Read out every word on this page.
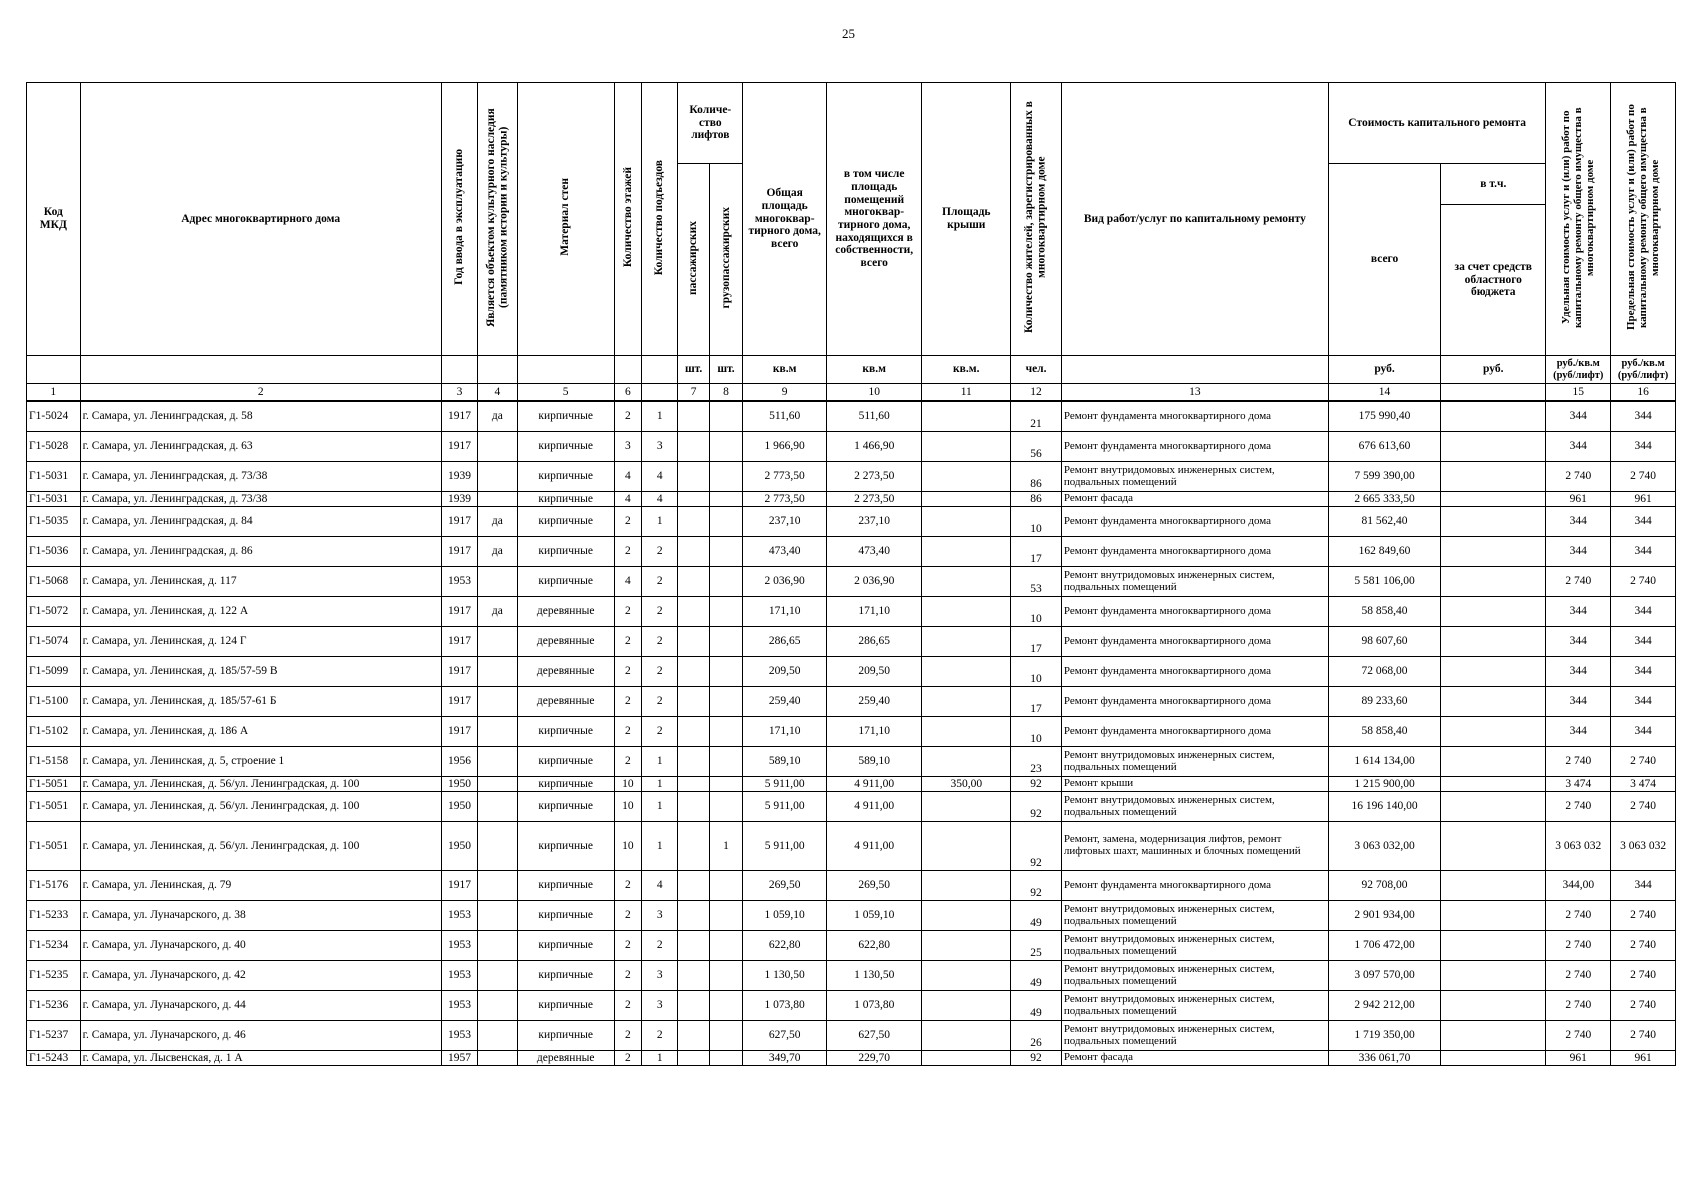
25
Код МКД	Адрес многоквартирного дома	Год ввода в эксплуатацию	Является объектом культурного наследия (памятником истории и культуры)	Материал стен	Количество этажей	Количество подъездов	Количе-ство лифтов		Общая площадь многоквар-тирного дома, всего	в том числе площадь помещений многоквар-тирного дома, находящихся в собственности, всего	Площадь крыши	Количество жителей, зарегистрированных в многоквартирном доме	Вид работ/услуг по капитальному ремонту	Стоимость капитального ремонта		Удельная стоимость услуг и (или) работ по капитальному ремонту общего имущества в многоквартирном доме	Предельная стоимость услуг и (или) работ по капитальному ремонту общего имущества в многоквартирном доме
							пассажирских	грузопассажирских						всего	в т.ч.		
															за счет средств областного бюджета		
							шт.	шт.	кв.м	кв.м	кв.м.	чел.		руб.	руб.	руб./кв.м (руб/лифт)	руб./кв.м (руб/лифт)
1	2	3	4	5	6		7	8	9	10	11	12	13	14		15	16
Г1-5024	г. Самара, ул. Ленинградская, д. 58	1917	да	кирпичные	2	1			511,60	511,60		21	Ремонт фундамента многоквартирного дома	175 990,40		344	344
Г1-5028	г. Самара, ул. Ленинградская, д. 63	1917		кирпичные	3	3			1 966,90	1 466,90		56	Ремонт фундамента многоквартирного дома	676 613,60		344	344
Г1-5031	г. Самара, ул. Ленинградская, д. 73/38	1939		кирпичные	4	4			2 773,50	2 273,50		86	Ремонт внутридомовых инженерных систем, подвальных помещений	7 599 390,00		2 740	2 740
Г1-5031	г. Самара, ул. Ленинградская, д. 73/38	1939		кирпичные	4	4			2 773,50	2 273,50		86	Ремонт фасада	2 665 333,50		961	961
Г1-5035	г. Самара, ул. Ленинградская, д. 84	1917	да	кирпичные	2	1			237,10	237,10		10	Ремонт фундамента многоквартирного дома	81 562,40		344	344
Г1-5036	г. Самара, ул. Ленинградская, д. 86	1917	да	кирпичные	2	2			473,40	473,40		17	Ремонт фундамента многоквартирного дома	162 849,60		344	344
Г1-5068	г. Самара, ул. Ленинская, д. 117	1953		кирпичные	4	2			2 036,90	2 036,90		53	Ремонт внутридомовых инженерных систем, подвальных помещений	5 581 106,00		2 740	2 740
Г1-5072	г. Самара, ул. Ленинская, д. 122 А	1917	да	деревянные	2	2			171,10	171,10		10	Ремонт фундамента многоквартирного дома	58 858,40		344	344
Г1-5074	г. Самара, ул. Ленинская, д. 124 Г	1917		деревянные	2	2			286,65	286,65		17	Ремонт фундамента многоквартирного дома	98 607,60		344	344
Г1-5099	г. Самара, ул. Ленинская, д. 185/57-59 В	1917		деревянные	2	2			209,50	209,50		10	Ремонт фундамента многоквартирного дома	72 068,00		344	344
Г1-5100	г. Самара, ул. Ленинская, д. 185/57-61 Б	1917		деревянные	2	2			259,40	259,40		17	Ремонт фундамента многоквартирного дома	89 233,60		344	344
Г1-5102	г. Самара, ул. Ленинская, д. 186 А	1917		кирпичные	2	2			171,10	171,10		10	Ремонт фундамента многоквартирного дома	58 858,40		344	344
Г1-5158	г. Самара, ул. Ленинская, д. 5, строение 1	1956		кирпичные	2	1			589,10	589,10		23	Ремонт внутридомовых инженерных систем, подвальных помещений	1 614 134,00		2 740	2 740
Г1-5051	г. Самара, ул. Ленинская, д. 56/ул. Ленинградская, д. 100	1950		кирпичные	10	1			5 911,00	4 911,00	350,00	92	Ремонт крыши	1 215 900,00		3 474	3 474
Г1-5051	г. Самара, ул. Ленинская, д. 56/ул. Ленинградская, д. 100	1950		кирпичные	10	1			5 911,00	4 911,00		92	Ремонт внутридомовых инженерных систем, подвальных помещений	16 196 140,00		2 740	2 740
Г1-5051	г. Самара, ул. Ленинская, д. 56/ул. Ленинградская, д. 100	1950		кирпичные	10	1		1	5 911,00	4 911,00		92	Ремонт, замена, модернизация лифтов, ремонт лифтовых шахт, машинных и блочных помещений	3 063 032,00		3 063 032	3 063 032
Г1-5176	г. Самара, ул. Ленинская, д. 79	1917		кирпичные	2	4			269,50	269,50		92	Ремонт фундамента многоквартирного дома	92 708,00		344,00	344
Г1-5233	г. Самара, ул. Луначарского, д. 38	1953		кирпичные	2	3			1 059,10	1 059,10		49	Ремонт внутридомовых инженерных систем, подвальных помещений	2 901 934,00		2 740	2 740
Г1-5234	г. Самара, ул. Луначарского, д. 40	1953		кирпичные	2	2			622,80	622,80		25	Ремонт внутридомовых инженерных систем, подвальных помещений	1 706 472,00		2 740	2 740
Г1-5235	г. Самара, ул. Луначарского, д. 42	1953		кирпичные	2	3			1 130,50	1 130,50		49	Ремонт внутридомовых инженерных систем, подвальных помещений	3 097 570,00		2 740	2 740
Г1-5236	г. Самара, ул. Луначарского, д. 44	1953		кирпичные	2	3			1 073,80	1 073,80		49	Ремонт внутридомовых инженерных систем, подвальных помещений	2 942 212,00		2 740	2 740
Г1-5237	г. Самара, ул. Луначарского, д. 46	1953		кирпичные	2	2			627,50	627,50		26	Ремонт внутридомовых инженерных систем, подвальных помещений	1 719 350,00		2 740	2 740
Г1-5243	г. Самара, ул. Лысвенская, д. 1 А	1957		деревянные	2	1			349,70	229,70		92	Ремонт фасада	336 061,70		961	961
